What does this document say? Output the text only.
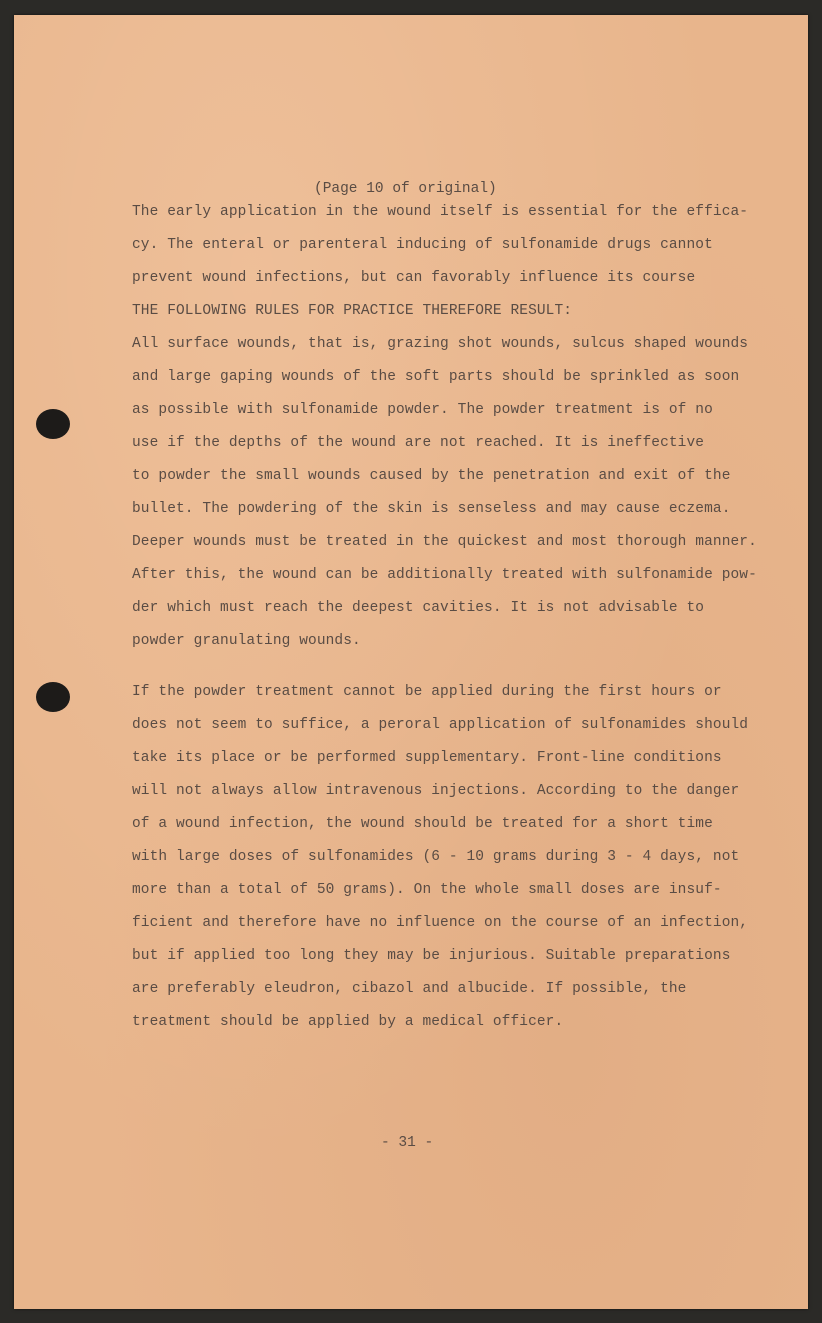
(Page 10 of original)
The early application in the wound itself is essential for the effica-
cy. The enteral or parenteral inducing of sulfonamide drugs cannot
prevent wound infections, but can favorably influence its course
THE FOLLOWING RULES FOR PRACTICE THEREFORE RESULT:
All surface wounds, that is, grazing shot wounds, sulcus shaped wounds
and large gaping wounds of the soft parts should be sprinkled as soon
as possible with sulfonamide powder. The powder treatment is of no
use if the depths of the wound are not reached. It is ineffective
to powder the small wounds caused by the penetration and exit of the
bullet. The powdering of the skin is senseless and may cause eczema.
Deeper wounds must be treated in the quickest and most thorough manner.
After this, the wound can be additionally treated with sulfonamide pow-
der which must reach the deepest cavities. It is not advisable to
powder granulating wounds.
If the powder treatment cannot be applied during the first hours or
does not seem to suffice, a peroral application of sulfonamides should
take its place or be performed supplementary. Front-line conditions
will not always allow intravenous injections. According to the danger
of a wound infection, the wound should be treated for a short time
with large doses of sulfonamides (6 - 10 grams during 3 - 4 days, not
more than a total of 50 grams). On the whole small doses are insuf-
ficient and therefore have no influence on the course of an infection,
but if applied too long they may be injurious. Suitable preparations
are preferably eleudron, cibazol and albucide. If possible, the
treatment should be applied by a medical officer.
- 31 -
